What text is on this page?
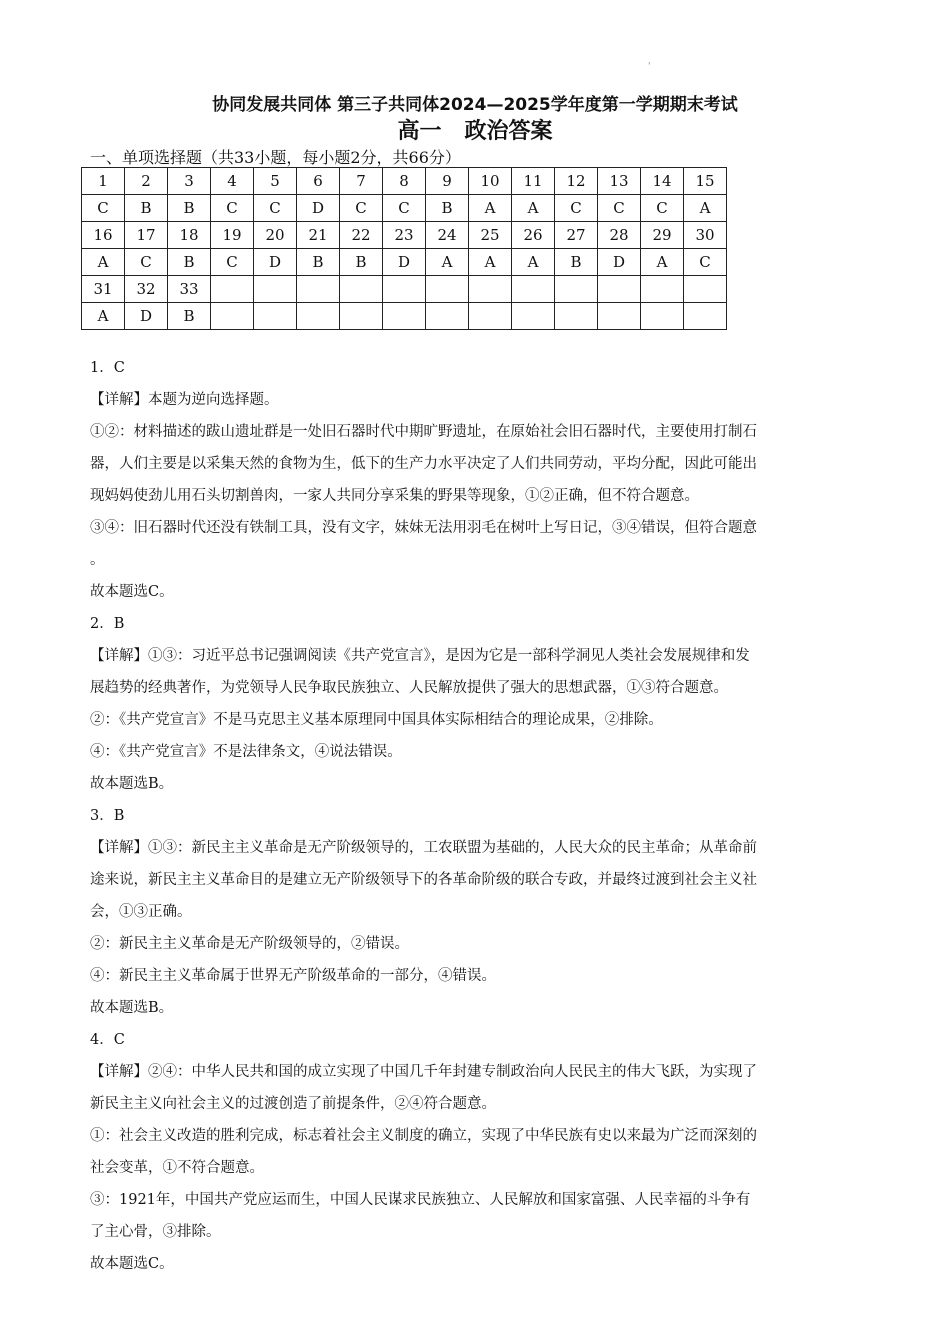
'
协同发展共同体 第三子共同体2024—2025学年度第一学期期末考试
高一   政治答案
一、单项选择题（共33小题，每小题2分，共66分）
1	2	3	4	5	6	7	8	9	10	11	12	13	14	15
C	B	B	C	C	D	C	C	B	A	A	C	C	C	A
16	17	18	19	20	21	22	23	24	25	26	27	28	29	30
A	C	B	C	D	B	B	D	A	A	A	B	D	A	C
31	32	33												
A	D	B												

1．C

【详解】本题为逆向选择题。

①②：材料描述的跋山遗址群是一处旧石器时代中期旷野遗址，在原始社会旧石器时代，主要使用打制石

器，人们主要是以采集天然的食物为生，低下的生产力水平决定了人们共同劳动，平均分配，因此可能出

现妈妈使劲儿用石头切割兽肉，一家人共同分享采集的野果等现象，①②正确，但不符合题意。

③④：旧石器时代还没有铁制工具，没有文字，妹妹无法用羽毛在树叶上写日记，③④错误，但符合题意

。

故本题选C。

2．B

【详解】①③：习近平总书记强调阅读《共产党宣言》，是因为它是一部科学洞见人类社会发展规律和发

展趋势的经典著作，为党领导人民争取民族独立、人民解放提供了强大的思想武器，①③符合题意。

②：《共产党宣言》不是马克思主义基本原理同中国具体实际相结合的理论成果，②排除。

④：《共产党宣言》不是法律条文，④说法错误。

故本题选B。

3．B

【详解】①③：新民主主义革命是无产阶级领导的，工农联盟为基础的，人民大众的民主革命；从革命前

途来说，新民主主义革命目的是建立无产阶级领导下的各革命阶级的联合专政，并最终过渡到社会主义社

会，①③正确。

②：新民主主义革命是无产阶级领导的，②错误。

④：新民主主义革命属于世界无产阶级革命的一部分，④错误。

故本题选B。

4．C

【详解】②④：中华人民共和国的成立实现了中国几千年封建专制政治向人民民主的伟大飞跃，为实现了

新民主主义向社会主义的过渡创造了前提条件，②④符合题意。

①：社会主义改造的胜利完成，标志着社会主义制度的确立，实现了中华民族有史以来最为广泛而深刻的

社会变革，①不符合题意。

③：1921年，中国共产党应运而生，中国人民谋求民族独立、人民解放和国家富强、人民幸福的斗争有

了主心骨，③排除。

故本题选C。
